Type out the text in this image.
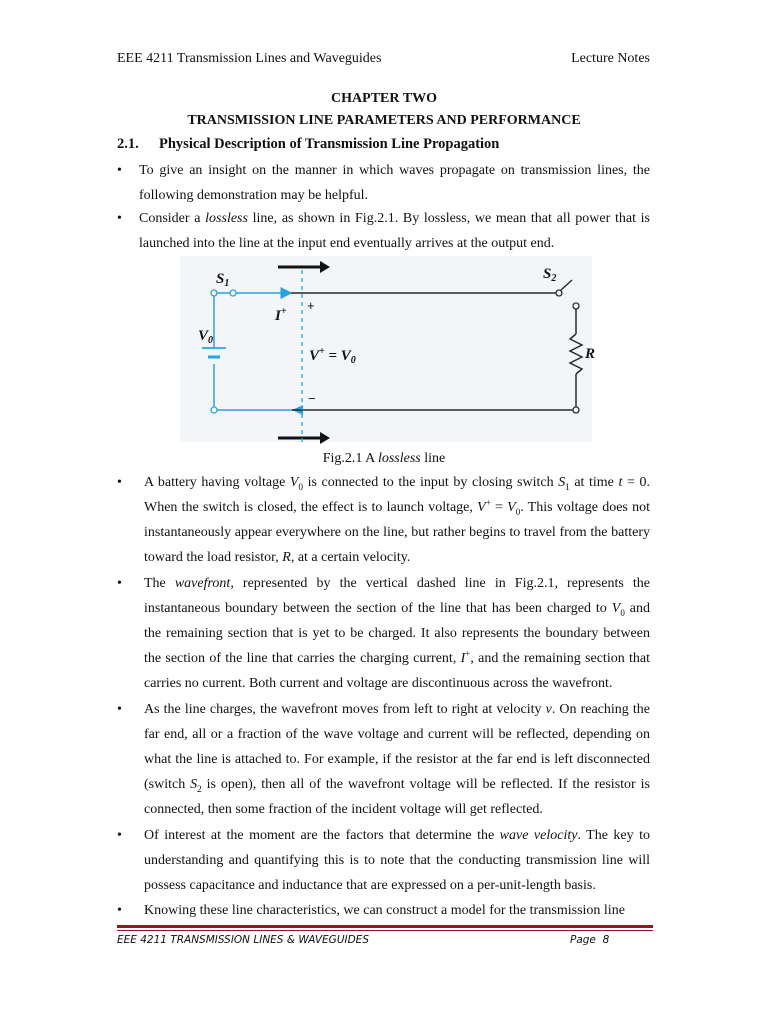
EEE 4211 Transmission Lines and Waveguides	Lecture Notes
CHAPTER TWO
TRANSMISSION LINE PARAMETERS AND PERFORMANCE
2.1. Physical Description of Transmission Line Propagation
•	To give an insight on the manner in which waves propagate on transmission lines, the following demonstration may be helpful.
•	Consider a lossless line, as shown in Fig.2.1. By lossless, we mean that all power that is launched into the line at the input end eventually arrives at the output end.
$S_1$
$S_2$
$V_0$
I+
$V^+ = V_0$
+
−
R
Fig.2.1 A lossless line
•	A battery having voltage $V_0$ is connected to the input by closing switch $S_1$ at time t = 0. When the switch is closed, the effect is to launch voltage, $V^+ = V_0$. This voltage does not instantaneously appear everywhere on the line, but rather begins to travel from the battery toward the load resistor, R, at a certain velocity.
•	The wavefront, represented by the vertical dashed line in Fig.2.1, represents the instantaneous boundary between the section of the line that has been charged to $V_0$ and the remaining section that is yet to be charged. It also represents the boundary between the section of the line that carries the charging current, I+, and the remaining section that carries no current. Both current and voltage are discontinuous across the wavefront.
•	As the line charges, the wavefront moves from left to right at velocity v. On reaching the far end, all or a fraction of the wave voltage and current will be reflected, depending on what the line is attached to. For example, if the resistor at the far end is left disconnected (switch $S_2$ is open), then all of the wavefront voltage will be reflected. If the resistor is connected, then some fraction of the incident voltage will get reflected.
•	Of interest at the moment are the factors that determine the wave velocity. The key to understanding and quantifying this is to note that the conducting transmission line will possess capacitance and inductance that are expressed on a per-unit-length basis.
•	Knowing these line characteristics, we can construct a model for the transmission line
EEE 4211 TRANSMISSION LINES & WAVEGUIDES	Page 8
